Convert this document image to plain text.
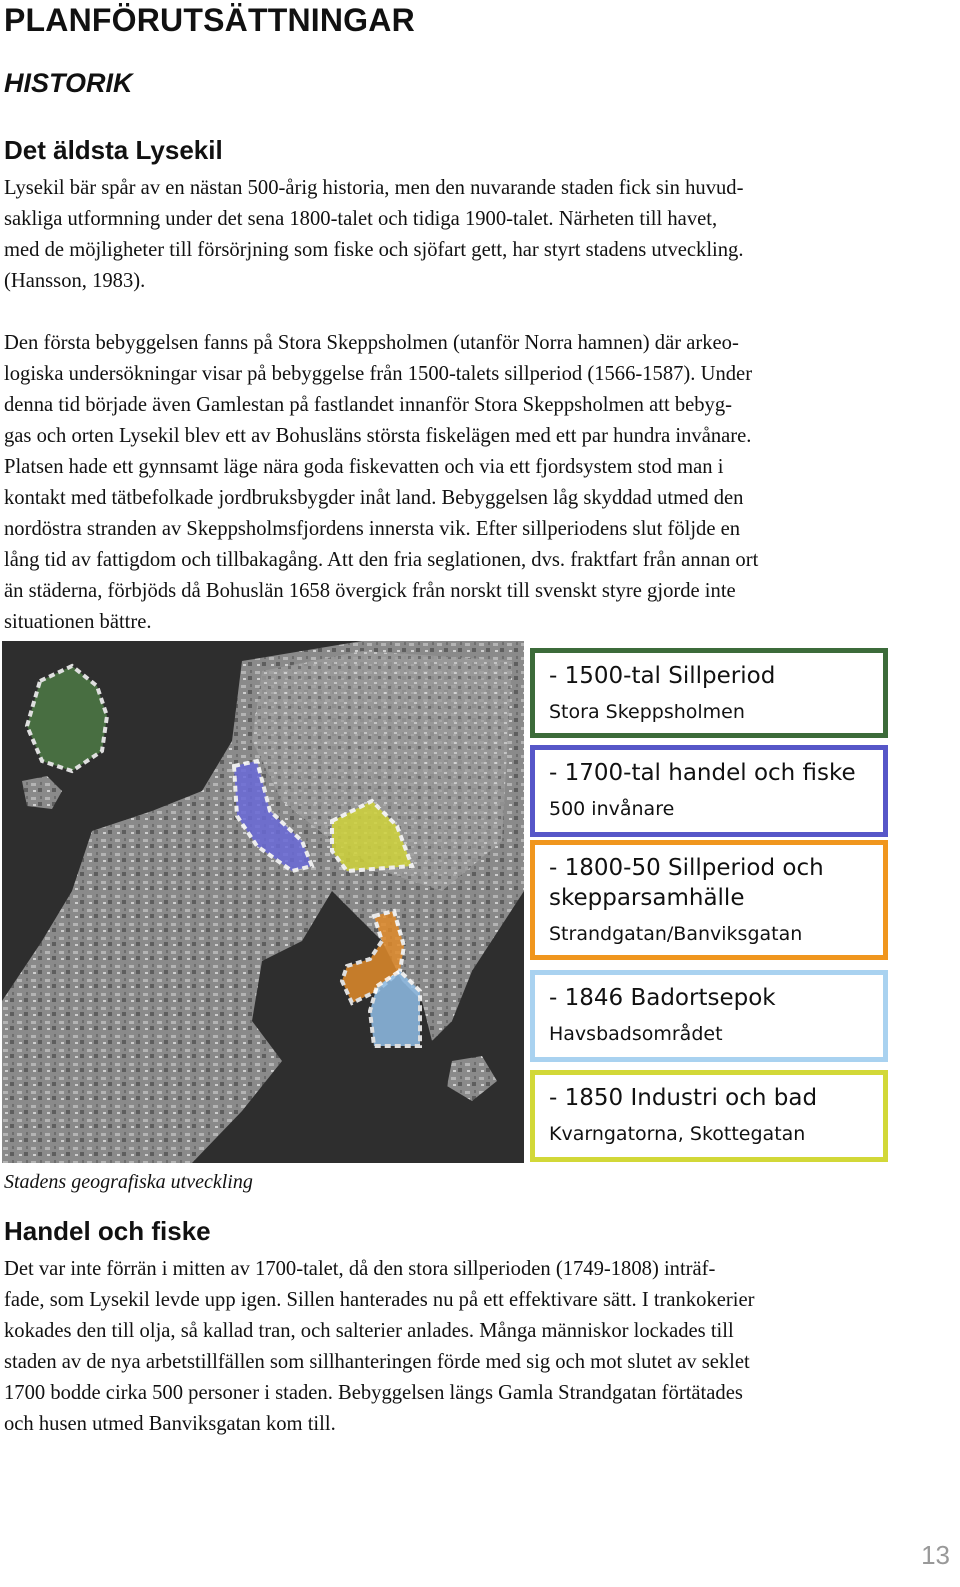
PLANFÖRUTSÄTTNINGAR
HISTORIK
Det äldsta Lysekil
Lysekil bär spår av en nästan 500-årig historia, men den nuvarande staden fick sin huvud-
sakliga utformning under det sena 1800-talet och tidiga 1900-talet. Närheten till havet,
med de möjligheter till försörjning som fiske och sjöfart gett, har styrt stadens utveckling.
(Hansson, 1983).
Den första bebyggelsen fanns på Stora Skeppsholmen (utanför Norra hamnen) där arkeo-
logiska undersökningar visar på bebyggelse från 1500-talets sillperiod (1566-1587). Under
denna tid började även Gamlestan på fastlandet innanför Stora Skeppsholmen att bebyg-
gas och orten Lysekil blev ett av Bohusläns största fiskelägen med ett par hundra invånare.
Platsen hade ett gynnsamt läge nära goda fiskevatten och via ett fjordsystem stod man i
kontakt med tätbefolkade jordbruksbygder inåt land. Bebyggelsen låg skyddad utmed den
nordöstra stranden av Skeppsholmsfjordens innersta vik. Efter sillperiodens slut följde en
lång tid av fattigdom och tillbakagång. Att den fria seglationen, dvs. fraktfart från annan ort
än städerna, förbjöds då Bohuslän 1658 övergick från norskt till svenskt styre gjorde inte
situationen bättre.
- 1500-tal Sillperiod
Stora Skeppsholmen
- 1700-tal handel och fiske
500 invånare
- 1800-50 Sillperiod och
skepparsamhälle
Strandgatan/Banviksgatan
- 1846 Badortsepok
Havsbadsområdet
- 1850 Industri och bad
Kvarngatorna, Skottegatan
Stadens geografiska utveckling
Handel och fiske
Det var inte förrän i mitten av 1700-talet, då den stora sillperioden (1749-1808) inträf-
fade, som Lysekil levde upp igen. Sillen hanterades nu på ett effektivare sätt. I trankokerier
kokades den till olja, så kallad tran, och salterier anlades. Många människor lockades till
staden av de nya arbetstillfällen som sillhanteringen förde med sig och mot slutet av seklet
1700 bodde cirka 500 personer i staden. Bebyggelsen längs Gamla Strandgatan förtätades
och husen utmed Banviksgatan kom till.
13
